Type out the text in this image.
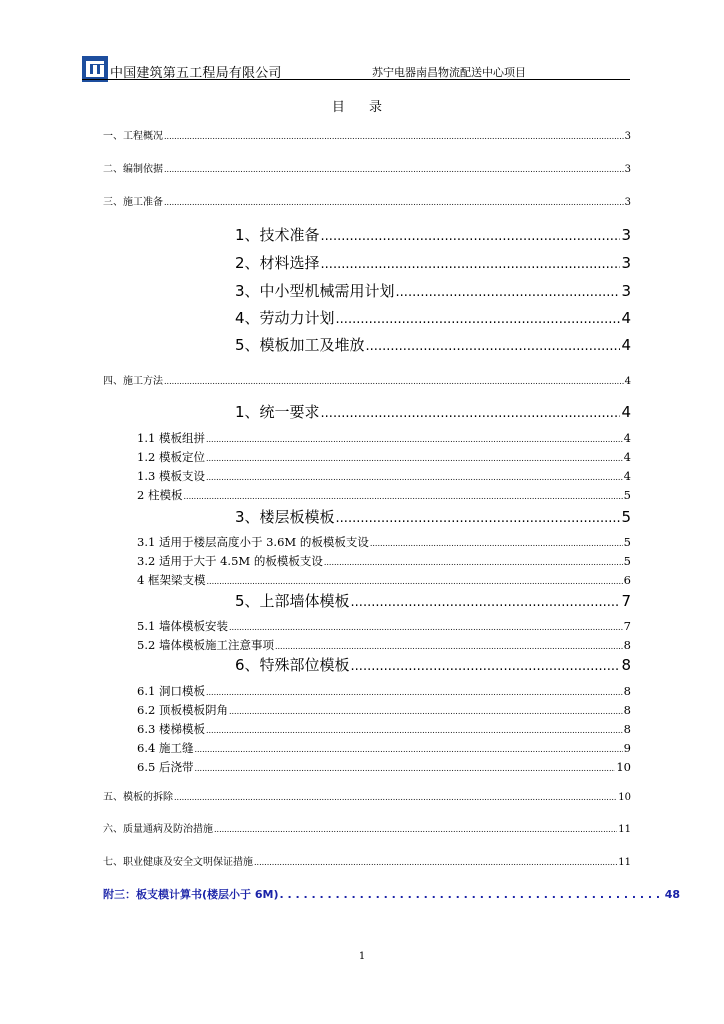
中国建筑第五工程局有限公司	苏宁电器南昌物流配送中心项目
目 录
一、工程概况 .....	3
二、编制依据 .....	3
三、施工准备 .....	3
1、技术准备 .....	3
2、材料选择 .....	3
3、中小型机械需用计划 .....	3
4、劳动力计划 .....	4
5、模板加工及堆放 .....	4
四、施工方法 .....	4
1、统一要求 .....	4
1.1 模板组拼 .....	4
1.2 模板定位 .....	4
1.3 模板支设 .....	4
2 柱模板 .....	5
3、楼层板模板 .....	5
3.1 适用于楼层高度小于 3.6M 的板模板支设 .....	5
3.2 适用于大于 4.5M 的板模板支设 .....	5
4 框架梁支模 .....	6
5、上部墙体模板 .....	7
5.1 墙体模板安装 .....	7
5.2 墙体模板施工注意事项 .....	8
6、特殊部位模板 .....	8
6.1 洞口模板 .....	8
6.2 顶板模板阴角 .....	8
6.3 楼梯模板 .....	8
6.4 施工缝 .....	9
6.5 后浇带 .....	10
五、模板的拆除 .....	10
六、质量通病及防治措施 .....	11
七、职业健康及安全文明保证措施 .....	11
附三：板支模计算书(楼层小于 6M) . . .	48
1
